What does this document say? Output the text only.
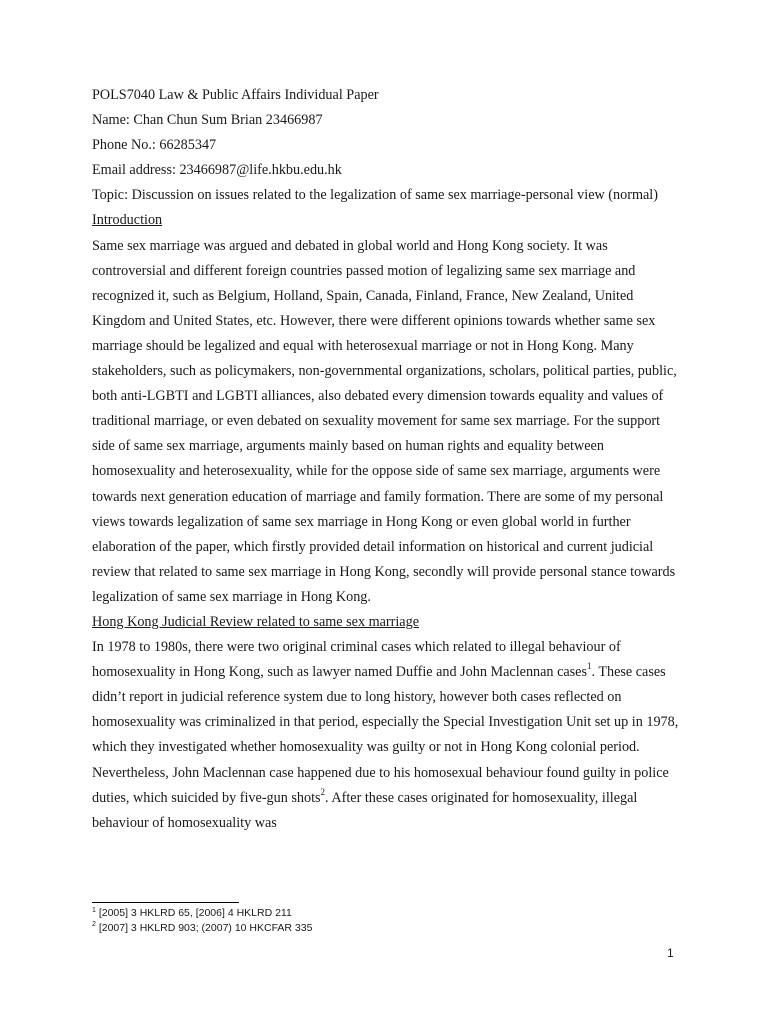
POLS7040 Law & Public Affairs Individual Paper

Name: Chan Chun Sum Brian 23466987

Phone No.: 66285347

Email address: 23466987@life.hkbu.edu.hk

Topic: Discussion on issues related to the legalization of same sex marriage-personal view (normal)

Introduction

Same sex marriage was argued and debated in global world and Hong Kong society. It was controversial and different foreign countries passed motion of legalizing same sex marriage and recognized it, such as Belgium, Holland, Spain, Canada, Finland, France, New Zealand, United Kingdom and United States, etc. However, there were different opinions towards whether same sex marriage should be legalized and equal with heterosexual marriage or not in Hong Kong. Many stakeholders, such as policymakers, non-governmental organizations, scholars, political parties, public, both anti-LGBTI and LGBTI alliances, also debated every dimension towards equality and values of traditional marriage, or even debated on sexuality movement for same sex marriage. For the support side of same sex marriage, arguments mainly based on human rights and equality between homosexuality and heterosexuality, while for the oppose side of same sex marriage, arguments were towards next generation education of marriage and family formation. There are some of my personal views towards legalization of same sex marriage in Hong Kong or even global world in further elaboration of the paper, which firstly provided detail information on historical and current judicial review that related to same sex marriage in Hong Kong, secondly will provide personal stance towards legalization of same sex marriage in Hong Kong.

Hong Kong Judicial Review related to same sex marriage

In 1978 to 1980s, there were two original criminal cases which related to illegal behaviour of homosexuality in Hong Kong, such as lawyer named Duffie and John Maclennan cases$^1$. These cases didn’t report in judicial reference system due to long history, however both cases reflected on homosexuality was criminalized in that period, especially the Special Investigation Unit set up in 1978, which they investigated whether homosexuality was guilty or not in Hong Kong colonial period. Nevertheless, John Maclennan case happened due to his homosexual behaviour found guilty in police duties, which suicided by five-gun shots$^2$. After these cases originated for homosexuality, illegal behaviour of homosexuality was

$^1$ [2005] 3 HKLRD 65, [2006] 4 HKLRD 211
$^2$ [2007] 3 HKLRD 903; (2007) 10 HKCFAR 335
1
